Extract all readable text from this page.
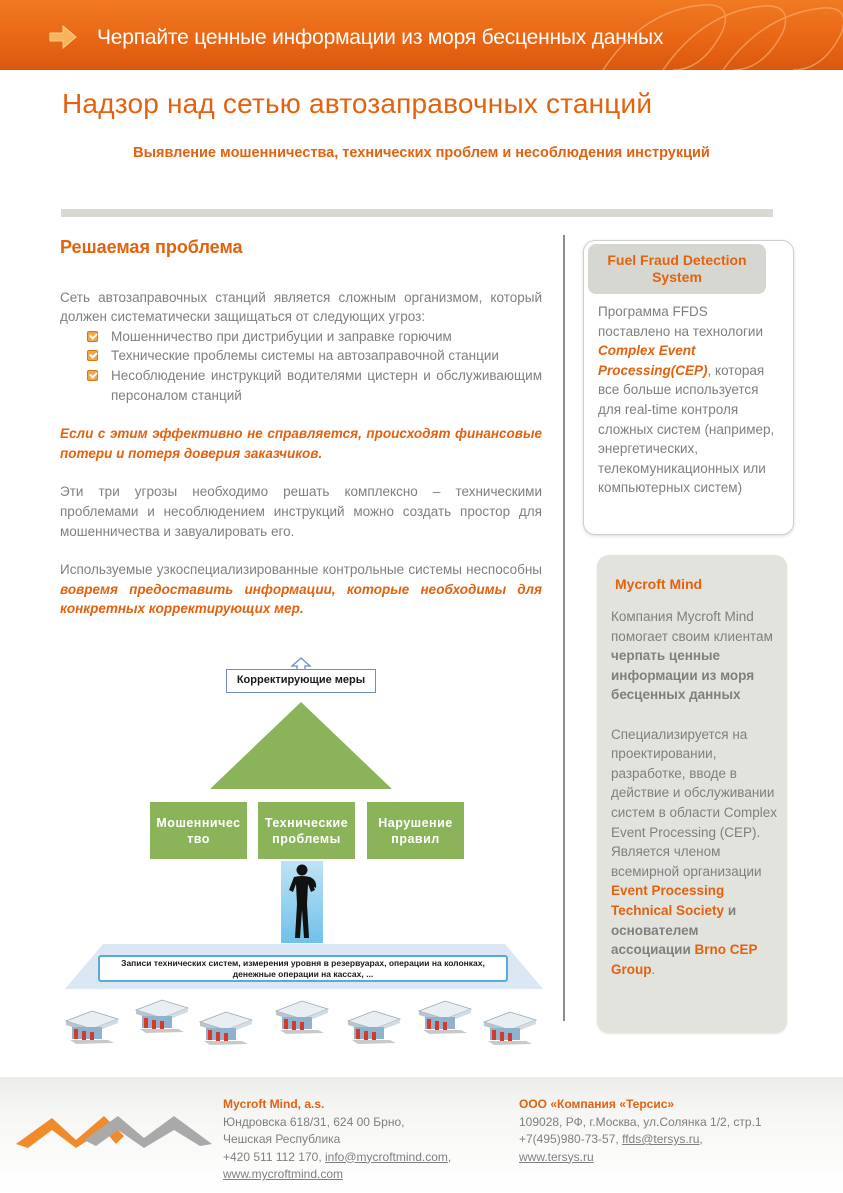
Черпайте ценные информации из моря бесценных данных
Надзор над сетью автозаправочных станций
Выявление мошенничества, технических проблем и несоблюдения инструкций
Решаемая проблема
Сеть автозаправочных станций является сложным организмом, который должен систематически защищаться от следующих угроз:
Мошенничество при дистрибуции и заправке горючим
Технические проблемы системы на автозаправочной станции
Несоблюдение инструкций водителями цистерн и обслуживающим персоналом станций
Если с этим эффективно не справляется, происходят финансовые потери и потеря доверия заказчиков.
Эти три угрозы необходимо решать комплексно – техническими проблемами и несоблюдением инструкций можно создать простор для мошенничества и завуалировать его.
Используемые узкоспециализированные контрольные системы неспособны вовремя предоставить информации, которые необходимы для конкретных корректирующих мер.
Корректирующие меры
Мошенничес тво
Технические проблемы
Нарушение правил
Записи технических систем, измерения уровня в резервуарах, операции на колонках, денежные операции на кассах, ...
Fuel Fraud Detection System
Программа FFDS поставлено на технологии Complex Event Processing(CEP), которая все больше используется для real-time контроля сложных систем (например, энергетических, телекомуникационных или компьютерных систем)
Mycroft Mind
Компания Mycroft Mind помогает своим клиентам черпать ценные информации из моря бесценных данных
Специализируется на проектировании, разработке, вводе в действие и обслуживании систем в области Complex Event Processing (CEP). Является членом всемирной организации Event Processing Technical Society и основателем ассоциации Brno CEP Group.
Mycroft Mind, a.s.
Юндровска 618/31, 624 00 Брно,
Чешская Республика
+420 511 112 170, info@mycroftmind.com,
www.mycroftmind.com
ООО «Компания «Терсис»
109028, РФ, г.Москва, ул.Солянка 1/2, стр.1
+7(495)980-73-57, ffds@tersys.ru,
www.tersys.ru
